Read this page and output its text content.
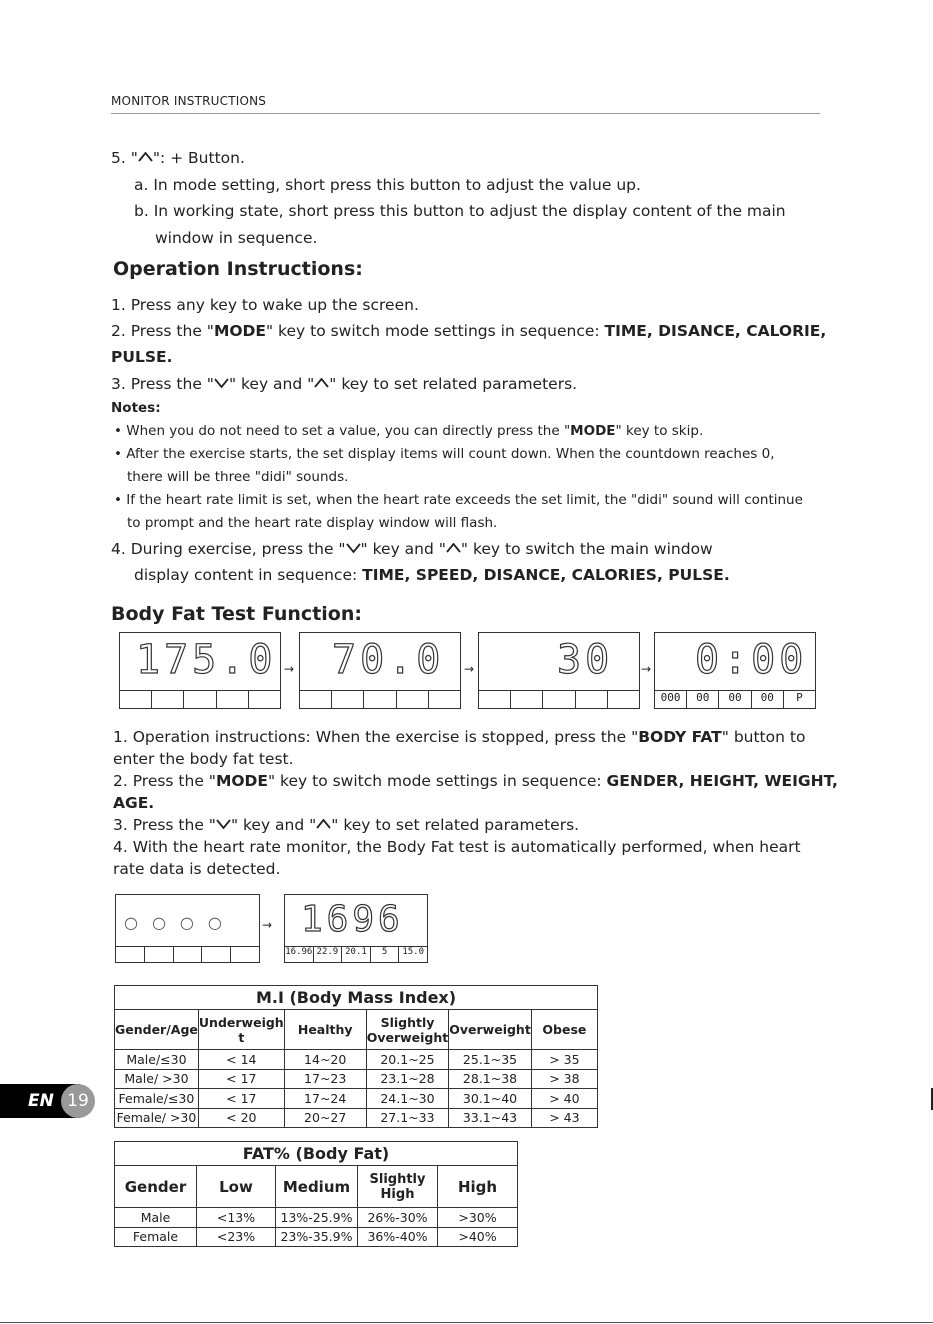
MONITOR INSTRUCTIONS
5. " ": + Button.
a. In mode setting, short press this button to adjust the value up.
b. In working state, short press this button to adjust the display content of the main
window in sequence.
Operation Instructions:
1. Press any key to wake up the screen.
2. Press the "MODE" key to switch mode settings in sequence: TIME, DISANCE, CALORIE,
PULSE.
3. Press the " " key and " " key to set related parameters.
Notes:
• When you do not need to set a value, you can directly press the "MODE" key to skip.
• After the exercise starts, the set display items will count down. When the countdown reaches 0,
there will be three "didi" sounds.
• If the heart rate limit is set, when the heart rate exceeds the set limit, the "didi" sound will continue
to prompt and the heart rate display window will flash.
4. During exercise, press the " " key and " " key to switch the main window
display content in sequence: TIME, SPEED, DISANCE, CALORIES, PULSE.
Body Fat Test Function:
175.0 → 70.0 → 30 → 0:00
000	00	00	00	P
1. Operation instructions: When the exercise is stopped, press the "BODY FAT" button to
enter the body fat test.
2. Press the "MODE" key to switch mode settings in sequence: GENDER, HEIGHT, WEIGHT,
AGE.
3. Press the " " key and " " key to set related parameters.
4. With the heart rate monitor, the Body Fat test is automatically performed, when heart
rate data is detected.
○○○○ → 1696
16.96 22.9 20.1	5	15.0
M.I (Body Mass Index)					
Gender/Age	Underweigh t	Healthy	Slightly Overweight	Overweight	Obese
Male/≤30	< 14	14~20	20.1~25	25.1~35	> 35
Male/ >30	< 17	17~23	23.1~28	28.1~38	> 38
Female/≤30	< 17	17~24	24.1~30	30.1~40	> 40
Female/ >30	< 20	20~27	27.1~33	33.1~43	> 43
FAT% (Body Fat)				
Gender	Low	Medium	Slightly High	High
Male	<13%	13%-25.9%	26%-30%	>30%
Female	<23%	23%-35.9%	36%-40%	>40%
EN 19
